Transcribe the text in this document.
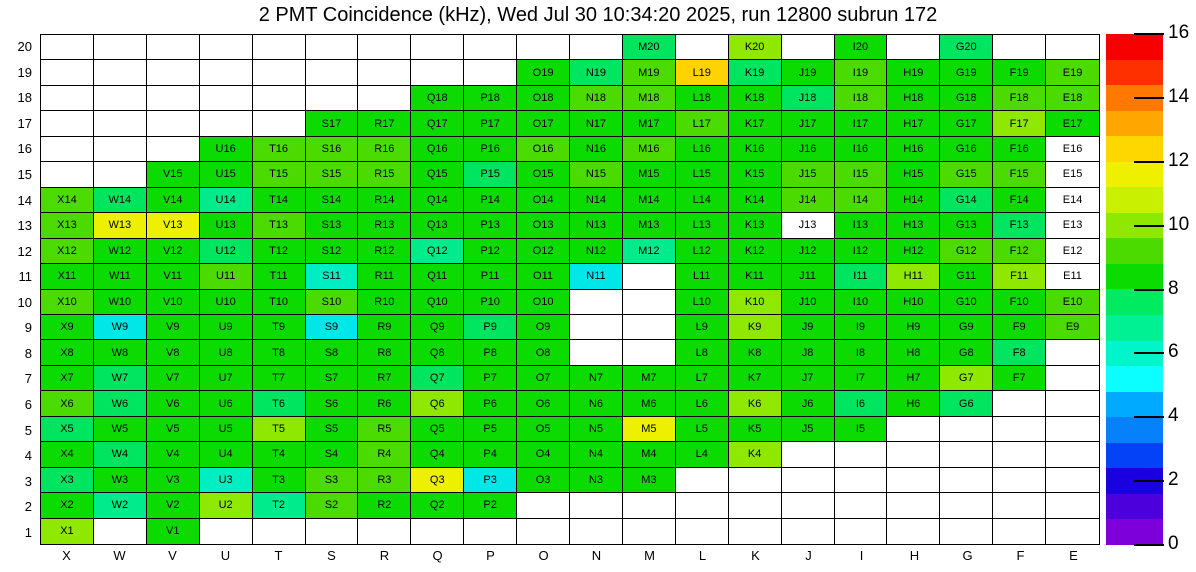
2 PMT Coincidence (kHz), Wed Jul 30 10:34:20 2025, run 12800 subrun 172
M20	K20	I20	G20
O19	N19	M19	L19	K19	J19	I19	H19	G19	F19	E19
Q18	P18	O18	N18	M18	L18	K18	J18	I18	H18	G18	F18	E18
S17	R17	Q17	P17	O17	N17	M17	L17	K17	J17	I17	H17	G17	F17	E17
U16	T16	S16	R16	Q16	P16	O16	N16	M16	L16	K16	J16	I16	H16	G16	F16	E16
V15	U15	T15	S15	R15	Q15	P15	O15	N15	M15	L15	K15	J15	I15	H15	G15	F15	E15
X14	W14	V14	U14	T14	S14	R14	Q14	P14	O14	N14	M14	L14	K14	J14	I14	H14	G14	F14	E14
X13	W13	V13	U13	T13	S13	R13	Q13	P13	O13	N13	M13	L13	K13	J13	I13	H13	G13	F13	E13
X12	W12	V12	U12	T12	S12	R12	Q12	P12	O12	N12	M12	L12	K12	J12	I12	H12	G12	F12	E12
X11	W11	V11	U11	T11	S11	R11	Q11	P11	O11	N11	L11	K11	J11	I11	H11	G11	F11	E11
X10	W10	V10	U10	T10	S10	R10	Q10	P10	O10	L10	K10	J10	I10	H10	G10	F10	E10
X9	W9	V9	U9	T9	S9	R9	Q9	P9	O9	L9	K9	J9	I9	H9	G9	F9	E9
X8	W8	V8	U8	T8	S8	R8	Q8	P8	O8	L8	K8	J8	I8	H8	G8	F8
X7	W7	V7	U7	T7	S7	R7	Q7	P7	O7	N7	M7	L7	K7	J7	I7	H7	G7	F7
X6	W6	V6	U6	T6	S6	R6	Q6	P6	O6	N6	M6	L6	K6	J6	I6	H6	G6
X5	W5	V5	U5	T5	S5	R5	Q5	P5	O5	N5	M5	L5	K5	J5	I5
X4	W4	V4	U4	T4	S4	R4	Q4	P4	O4	N4	M4	L4	K4
X3	W3	V3	U3	T3	S3	R3	Q3	P3	O3	N3	M3
X2	W2	V2	U2	T2	S2	R2	Q2	P2
X1	V1
20
19
18
17
16
15
14
13
12
11
10
9
8
7
6
5
4
3
2
1
X	W	V	U	T	S	R	Q	P	O	N	M	L	K	J	I	H	G	F	E
0
2
4
6
8
10
12
14
16
